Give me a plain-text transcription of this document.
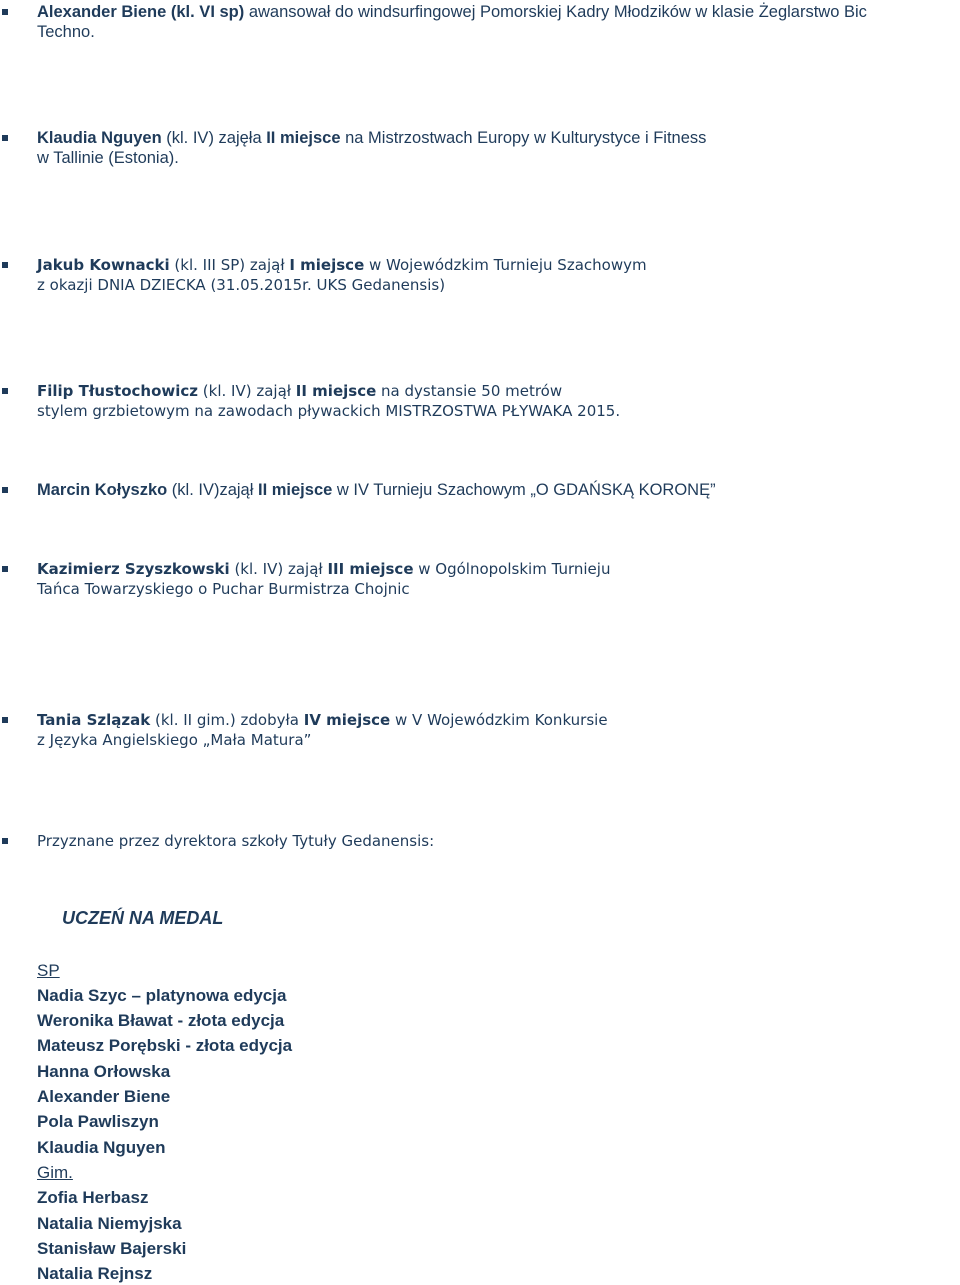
Alexander Biene (kl. VI sp) awansował do windsurfingowej Pomorskiej Kadry Młodzików w klasie Żeglarstwo Bic
Techno.
Klaudia Nguyen (kl. IV) zajęła II miejsce na Mistrzostwach Europy w Kulturystyce i Fitness
w Tallinie (Estonia).
Jakub Kownacki (kl. III SP) zajął I miejsce w Wojewódzkim Turnieju Szachowym
z okazji DNIA DZIECKA (31.05.2015r. UKS Gedanensis)
Filip Tłustochowicz (kl. IV) zajął II miejsce na dystansie 50 metrów
stylem grzbietowym na zawodach pływackich MISTRZOSTWA PŁYWAKA 2015.
Marcin Kołyszko (kl. IV)zajął II miejsce w IV Turnieju Szachowym „O GDAŃSKĄ KORONĘ”
Kazimierz Szyszkowski (kl. IV) zajął III miejsce w Ogólnopolskim Turnieju
Tańca Towarzyskiego o Puchar Burmistrza Chojnic
Tania Szlązak (kl. II gim.) zdobyła IV miejsce w V Wojewódzkim Konkursie
z Języka Angielskiego „Mała Matura”
Przyznane przez dyrektora szkoły Tytuły Gedanensis:
UCZEŃ NA MEDAL
SP
Nadia Szyc – platynowa edycja
Weronika Bławat - złota edycja
Mateusz Porębski - złota edycja
Hanna Orłowska
Alexander Biene
Pola Pawliszyn
Klaudia Nguyen
Gim.
Zofia Herbasz
Natalia Niemyjska
Stanisław Bajerski
Natalia Rejnsz
